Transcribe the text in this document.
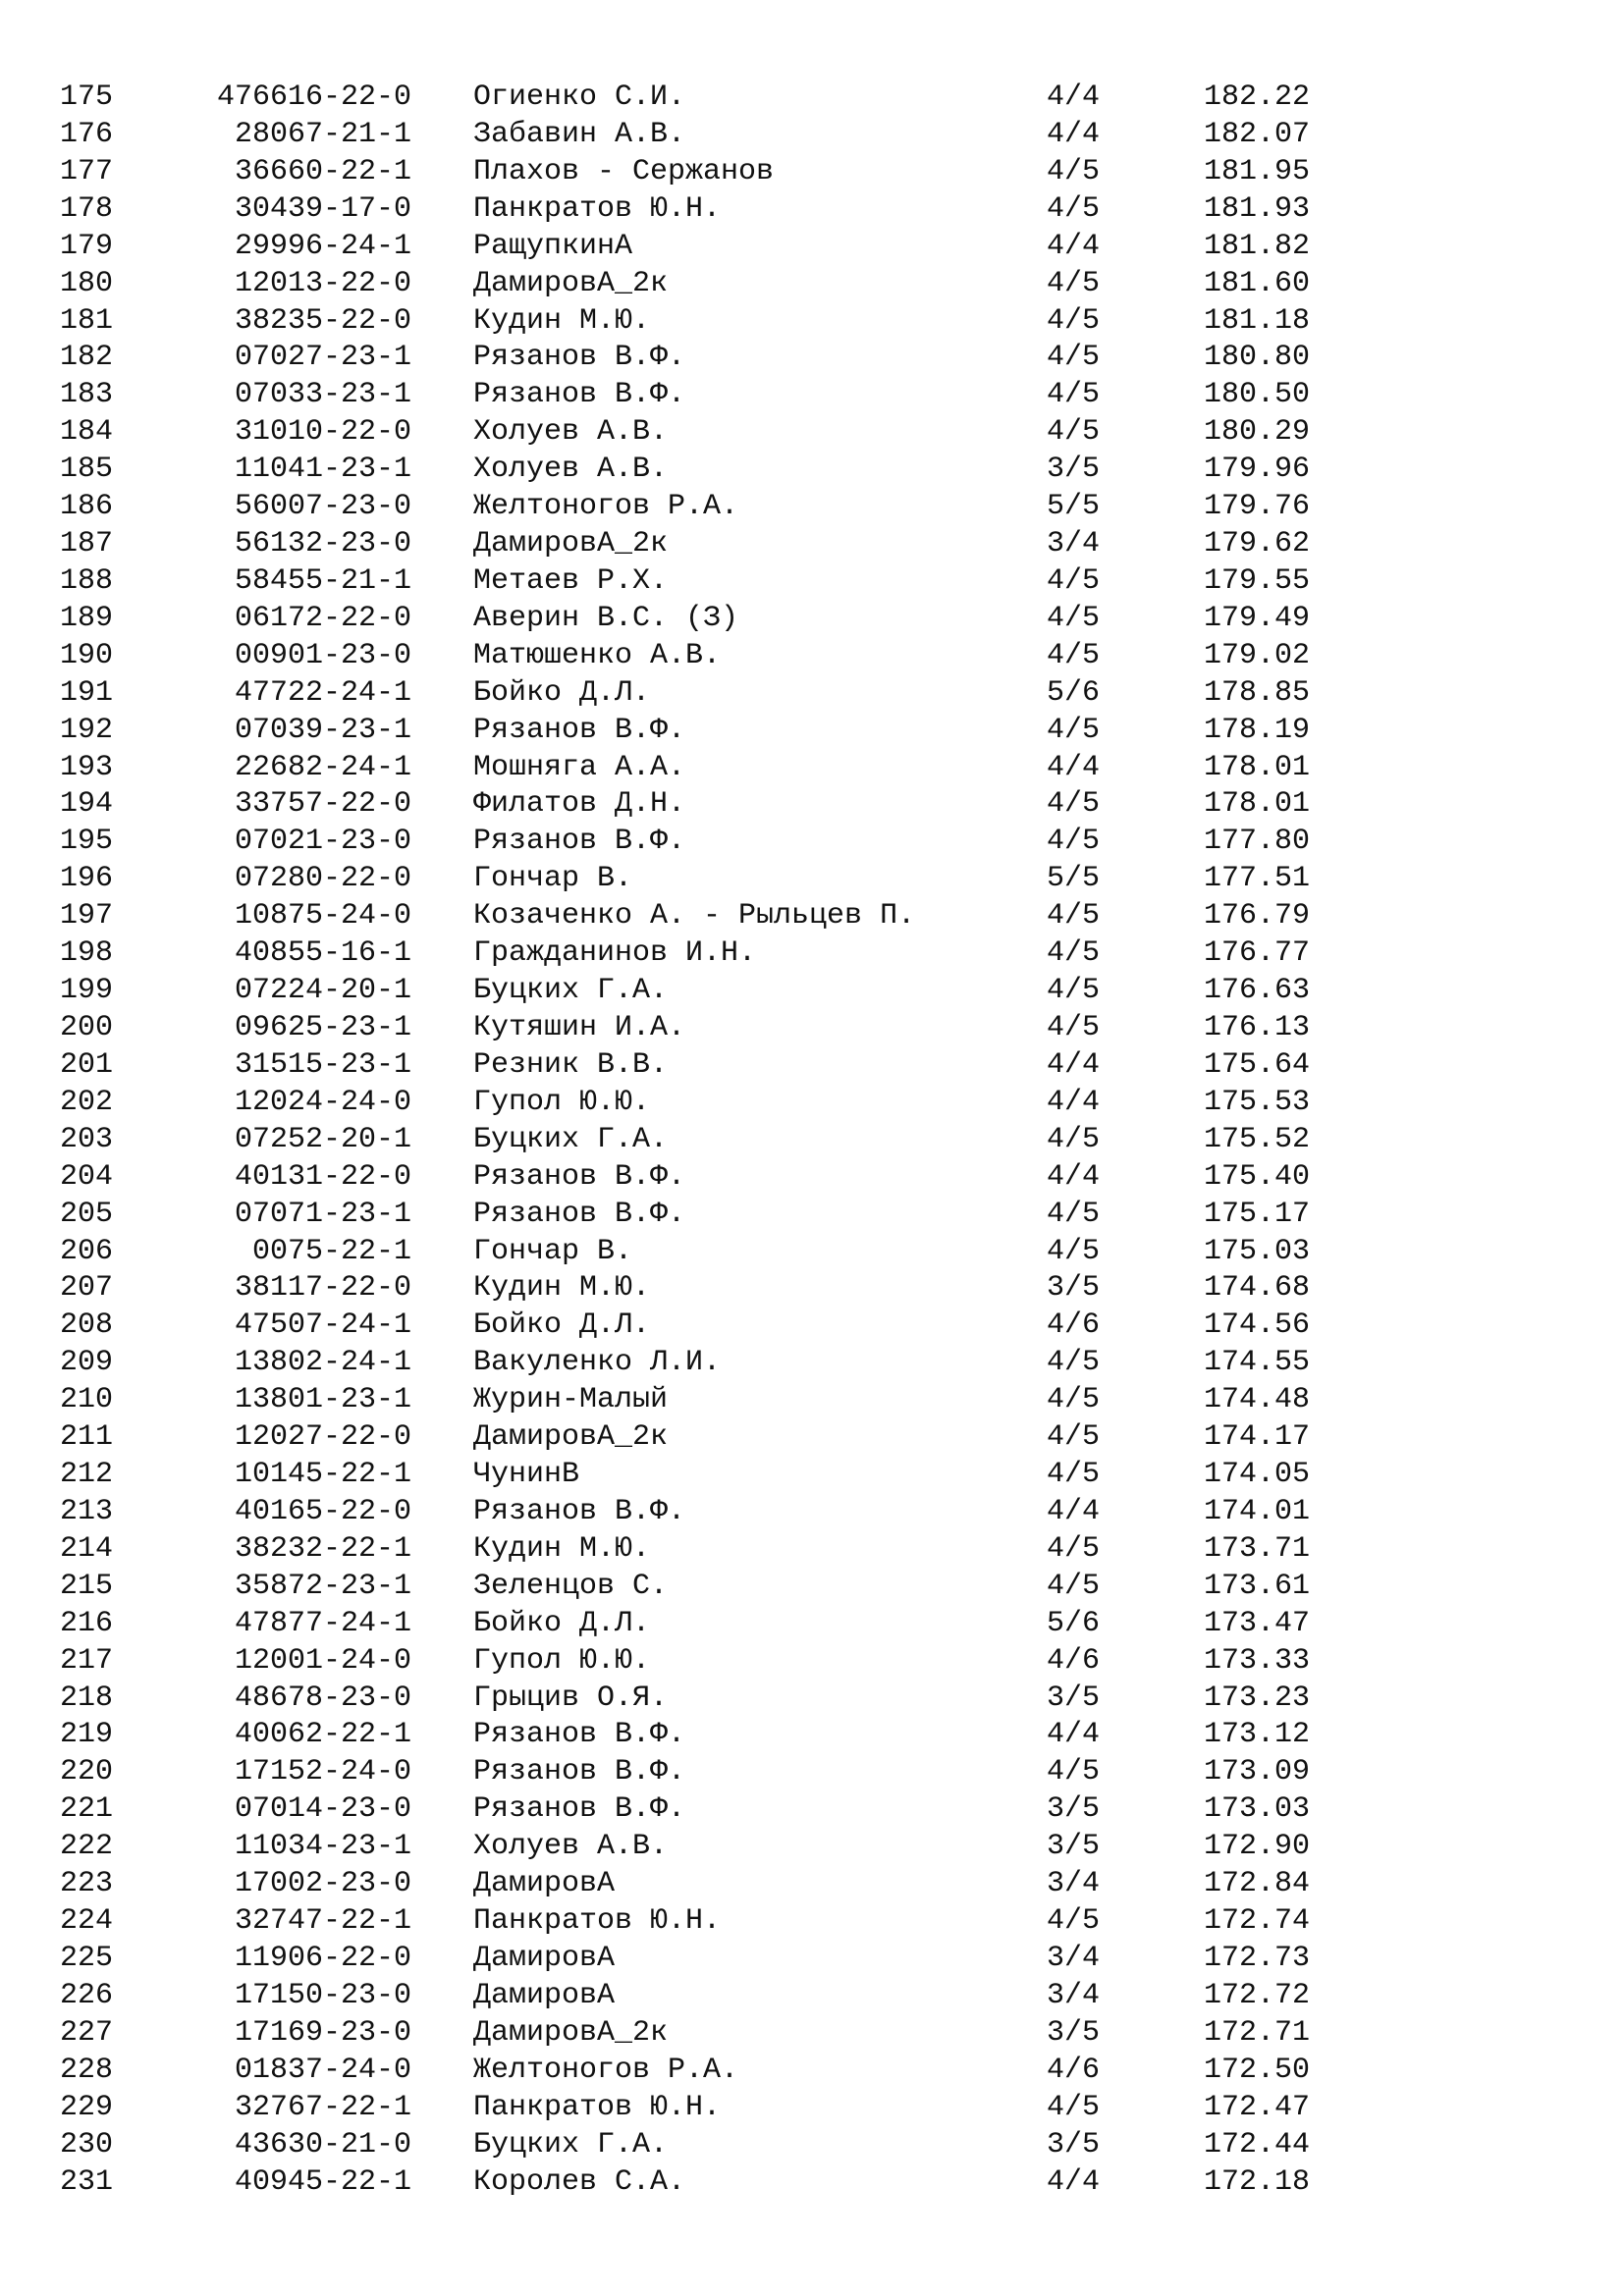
175	476616-22-0 Огиенко С.И.	4/4	182.22
176	28067-21-1 Забавин А.В.	4/4	182.07
177	36660-22-1 Плахов - Сержанов	4/5	181.95
178	30439-17-0 Панкратов Ю.Н.	4/5	181.93
179	29996-24-1 РащупкинА	4/4	181.82
180	12013-22-0 ДамировА_2к	4/5	181.60
181	38235-22-0 Кудин М.Ю.	4/5	181.18
182	07027-23-1 Рязанов В.Ф.	4/5	180.80
183	07033-23-1 Рязанов В.Ф.	4/5	180.50
184	31010-22-0 Холуев А.В.	4/5	180.29
185	11041-23-1 Холуев А.В.	3/5	179.96
186	56007-23-0 Желтоногов Р.А.	5/5	179.76
187	56132-23-0 ДамировА_2к	3/4	179.62
188	58455-21-1 Метаев Р.Х.	4/5	179.55
189	06172-22-0 Аверин В.С. (З)	4/5	179.49
190	00901-23-0 Матюшенко А.В.	4/5	179.02
191	47722-24-1 Бойко Д.Л.	5/6	178.85
192	07039-23-1 Рязанов В.Ф.	4/5	178.19
193	22682-24-1 Мошняга А.А.	4/4	178.01
194	33757-22-0 Филатов Д.Н.	4/5	178.01
195	07021-23-0 Рязанов В.Ф.	4/5	177.80
196	07280-22-0 Гончар В.	5/5	177.51
197	10875-24-0 Козаченко А. - Рыльцев П.	4/5	176.79
198	40855-16-1 Гражданинов И.Н.	4/5	176.77
199	07224-20-1 Буцких Г.А.	4/5	176.63
200	09625-23-1 Кутяшин И.А.	4/5	176.13
201	31515-23-1 Резник В.В.	4/4	175.64
202	12024-24-0 Гупол Ю.Ю.	4/4	175.53
203	07252-20-1 Буцких Г.А.	4/5	175.52
204	40131-22-0 Рязанов В.Ф.	4/4	175.40
205	07071-23-1 Рязанов В.Ф.	4/5	175.17
206	0075-22-1 Гончар В.	4/5	175.03
207	38117-22-0 Кудин М.Ю.	3/5	174.68
208	47507-24-1 Бойко Д.Л.	4/6	174.56
209	13802-24-1 Вакуленко Л.И.	4/5	174.55
210	13801-23-1 Журин-Малый	4/5	174.48
211	12027-22-0 ДамировА_2к	4/5	174.17
212	10145-22-1 ЧунинВ	4/5	174.05
213	40165-22-0 Рязанов В.Ф.	4/4	174.01
214	38232-22-1 Кудин М.Ю.	4/5	173.71
215	35872-23-1 Зеленцов С.	4/5	173.61
216	47877-24-1 Бойко Д.Л.	5/6	173.47
217	12001-24-0 Гупол Ю.Ю.	4/6	173.33
218	48678-23-0 Грыцив О.Я.	3/5	173.23
219	40062-22-1 Рязанов В.Ф.	4/4	173.12
220	17152-24-0 Рязанов В.Ф.	4/5	173.09
221	07014-23-0 Рязанов В.Ф.	3/5	173.03
222	11034-23-1 Холуев А.В.	3/5	172.90
223	17002-23-0 ДамировА	3/4	172.84
224	32747-22-1 Панкратов Ю.Н.	4/5	172.74
225	11906-22-0 ДамировА	3/4	172.73
226	17150-23-0 ДамировА	3/4	172.72
227	17169-23-0 ДамировА_2к	3/5	172.71
228	01837-24-0 Желтоногов Р.А.	4/6	172.50
229	32767-22-1 Панкратов Ю.Н.	4/5	172.47
230	43630-21-0 Буцких Г.А.	3/5	172.44
231	40945-22-1 Королев С.А.	4/4	172.18
